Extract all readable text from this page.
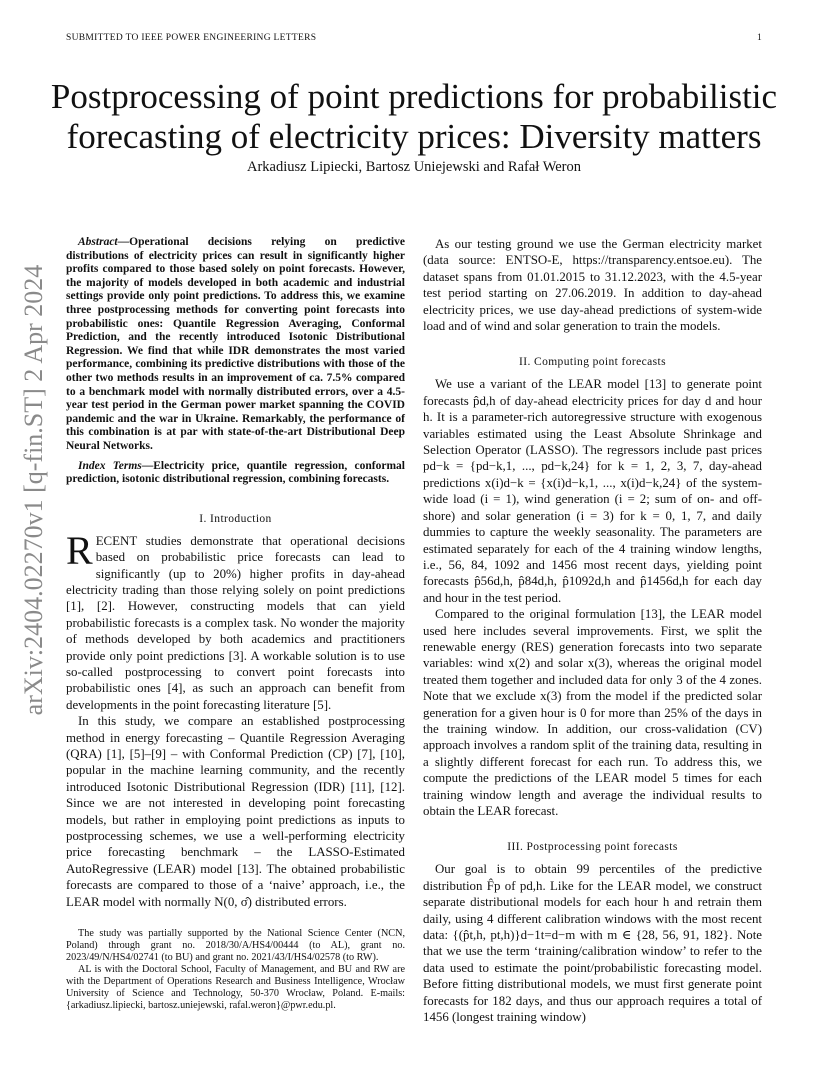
SUBMITTED TO IEEE POWER ENGINEERING LETTERS	1
arXiv:2404.02270v1 [q-fin.ST] 2 Apr 2024
Postprocessing of point predictions for probabilistic
forecasting of electricity prices: Diversity matters
Arkadiusz Lipiecki, Bartosz Uniejewski and Rafał Weron

Abstract—Operational decisions relying on predictive distributions of electricity prices can result in significantly higher profits compared to those based solely on point forecasts. However, the majority of models developed in both academic and industrial settings provide only point predictions. To address this, we examine three postprocessing methods for converting point forecasts into probabilistic ones: Quantile Regression Averaging, Conformal Prediction, and the recently introduced Isotonic Distributional Regression. We find that while IDR demonstrates the most varied performance, combining its predictive distributions with those of the other two methods results in an improvement of ca. 7.5% compared to a benchmark model with normally distributed errors, over a 4.5-year test period in the German power market spanning the COVID pandemic and the war in Ukraine. Remarkably, the performance of this combination is at par with state-of-the-art Distributional Deep Neural Networks.

Index Terms—Electricity price, quantile regression, conformal prediction, isotonic distributional regression, combining forecasts.

I. Introduction

RECENT studies demonstrate that operational decisions based on probabilistic price forecasts can lead to significantly (up to 20%) higher profits in day-ahead electricity trading than those relying solely on point predictions [1], [2]. However, constructing models that can yield probabilistic forecasts is a complex task. No wonder the majority of methods developed by both academics and practitioners provide only point predictions [3]. A workable solution is to use so-called postprocessing to convert point forecasts into probabilistic ones [4], as such an approach can benefit from developments in the point forecasting literature [5].

In this study, we compare an established postprocessing method in energy forecasting – Quantile Regression Averaging (QRA) [1], [5]–[9] – with Conformal Prediction (CP) [7], [10], popular in the machine learning community, and the recently introduced Isotonic Distributional Regression (IDR) [11], [12]. Since we are not interested in developing point forecasting models, but rather in employing point predictions as inputs to postprocessing schemes, we use a well-performing electricity price forecasting benchmark – the LASSO-Estimated AutoRegressive (LEAR) model [13]. The obtained probabilistic forecasts are compared to those of a ‘naive’ approach, i.e., the LEAR model with normally N(0, σ̂) distributed errors.

The study was partially supported by the National Science Center (NCN, Poland) through grant no. 2018/30/A/HS4/00444 (to AL), grant no. 2023/49/N/HS4/02741 (to BU) and grant no. 2021/43/I/HS4/02578 (to RW).

AL is with the Doctoral School, Faculty of Management, and BU and RW are with the Department of Operations Research and Business Intelligence, Wrocław University of Science and Technology, 50-370 Wrocław, Poland. E-mails: {arkadiusz.lipiecki, bartosz.uniejewski, rafal.weron}@pwr.edu.pl.

As our testing ground we use the German electricity market (data source: ENTSO-E, https://transparency.entsoe.eu). The dataset spans from 01.01.2015 to 31.12.2023, with the 4.5-year test period starting on 27.06.2019. In addition to day-ahead electricity prices, we use day-ahead predictions of system-wide load and of wind and solar generation to train the models.

II. Computing point forecasts

We use a variant of the LEAR model [13] to generate point forecasts p̂d,h of day-ahead electricity prices for day d and hour h. It is a parameter-rich autoregressive structure with exogenous variables estimated using the Least Absolute Shrinkage and Selection Operator (LASSO). The regressors include past prices pd−k = {pd−k,1, ..., pd−k,24} for k = 1, 2, 3, 7, day-ahead predictions x(i)d−k = {x(i)d−k,1, ..., x(i)d−k,24} of the system-wide load (i = 1), wind generation (i = 2; sum of on- and off-shore) and solar generation (i = 3) for k = 0, 1, 7, and daily dummies to capture the weekly seasonality. The parameters are estimated separately for each of the 4 training window lengths, i.e., 56, 84, 1092 and 1456 most recent days, yielding point forecasts p̂56d,h, p̂84d,h, p̂1092d,h and p̂1456d,h for each day and hour in the test period.

Compared to the original formulation [13], the LEAR model used here includes several improvements. First, we split the renewable energy (RES) generation forecasts into two separate variables: wind x(2) and solar x(3), whereas the original model treated them together and included data for only 3 of the 4 zones. Note that we exclude x(3) from the model if the predicted solar generation for a given hour is 0 for more than 25% of the days in the training window. In addition, our cross-validation (CV) approach involves a random split of the training data, resulting in a slightly different forecast for each run. To address this, we compute the predictions of the LEAR model 5 times for each training window length and average the individual results to obtain the LEAR forecast.

III. Postprocessing point forecasts

Our goal is to obtain 99 percentiles of the predictive distribution F̂p of pd,h. Like for the LEAR model, we construct separate distributional models for each hour h and retrain them daily, using 4 different calibration windows with the most recent data: {(p̂t,h, pt,h)}d−1t=d−m with m ∈ {28, 56, 91, 182}. Note that we use the term ‘training/calibration window’ to refer to the data used to estimate the point/probabilistic forecasting model. Before fitting distributional models, we must first generate point forecasts for 182 days, and thus our approach requires a total of 1456 (longest training window)
